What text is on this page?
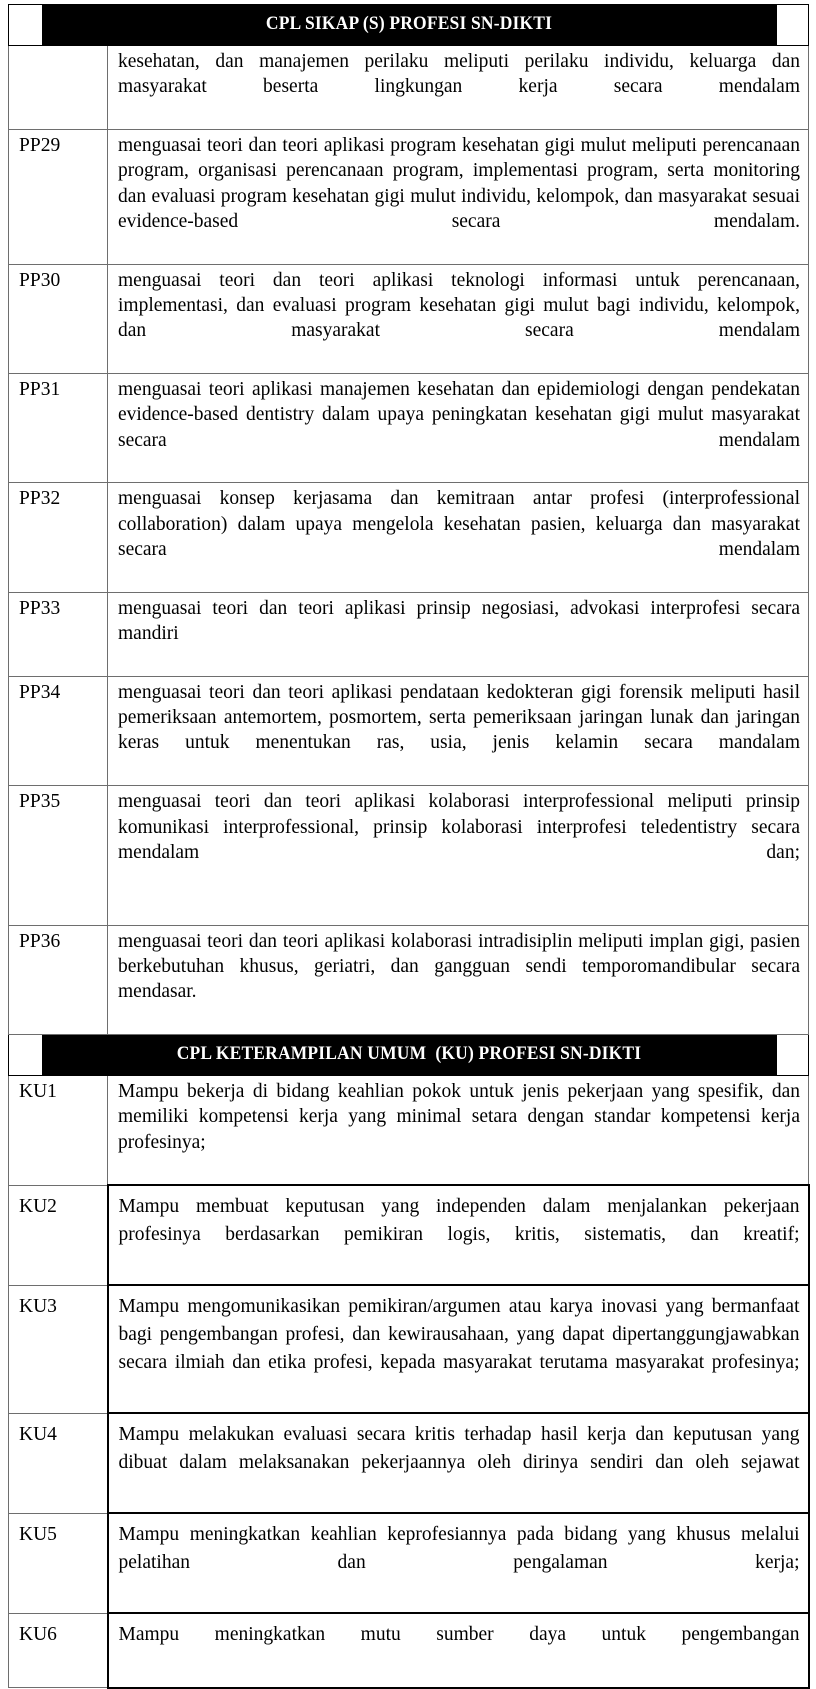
CPL SIKAP (S) PROFESI SN-DIKTI	
	kesehatan, dan manajemen perilaku meliputi perilaku individu, keluarga dan masyarakat beserta lingkungan kerja secara mendalam
PP29	menguasai teori dan teori aplikasi program kesehatan gigi mulut meliputi perencanaan program, organisasi perencanaan program, implementasi program, serta monitoring dan evaluasi program kesehatan gigi mulut individu, kelompok, dan masyarakat sesuai evidence-based secara mendalam.
PP30	menguasai teori dan teori aplikasi teknologi informasi untuk perencanaan, implementasi, dan evaluasi program kesehatan gigi mulut bagi individu, kelompok, dan masyarakat secara mendalam
PP31	menguasai teori aplikasi manajemen kesehatan dan epidemiologi dengan pendekatan evidence-based dentistry dalam upaya peningkatan kesehatan gigi mulut masyarakat secara mendalam
PP32	menguasai konsep kerjasama dan kemitraan antar profesi (interprofessional collaboration) dalam upaya mengelola kesehatan pasien, keluarga dan masyarakat secara mendalam
PP33	menguasai teori dan teori aplikasi prinsip negosiasi, advokasi interprofesi secara mandiri
PP34	menguasai teori dan teori aplikasi pendataan kedokteran gigi forensik meliputi hasil pemeriksaan antemortem, posmortem, serta pemeriksaan jaringan lunak dan jaringan keras untuk menentukan ras, usia, jenis kelamin secara mandalam
PP35	menguasai teori dan teori aplikasi kolaborasi interprofessional meliputi prinsip komunikasi interprofessional, prinsip kolaborasi interprofesi teledentistry secara mendalam dan;
PP36	menguasai teori dan teori aplikasi kolaborasi intradisiplin meliputi implan gigi, pasien berkebutuhan khusus, geriatri, dan gangguan sendi temporomandibular secara mendasar.
CPL KETERAMPILAN UMUM  (KU) PROFESI SN-DIKTI	
KU1	Mampu bekerja di bidang keahlian pokok untuk jenis pekerjaan yang spesifik, dan memiliki kompetensi kerja yang minimal setara dengan standar kompetensi kerja profesinya;
KU2	Mampu membuat keputusan yang independen dalam menjalankan pekerjaan profesinya berdasarkan pemikiran logis, kritis, sistematis, dan kreatif;
KU3	Mampu mengomunikasikan pemikiran/argumen atau karya inovasi yang bermanfaat bagi pengembangan profesi, dan kewirausahaan, yang dapat dipertanggungjawabkan secara ilmiah dan etika profesi, kepada masyarakat terutama masyarakat profesinya;
KU4	Mampu melakukan evaluasi secara kritis terhadap hasil kerja dan keputusan yang dibuat dalam melaksanakan pekerjaannya oleh dirinya sendiri dan oleh sejawat
KU5	Mampu meningkatkan keahlian keprofesiannya pada bidang yang khusus melalui pelatihan dan pengalaman kerja;
KU6	Mampu meningkatkan mutu sumber daya untuk pengembangan
